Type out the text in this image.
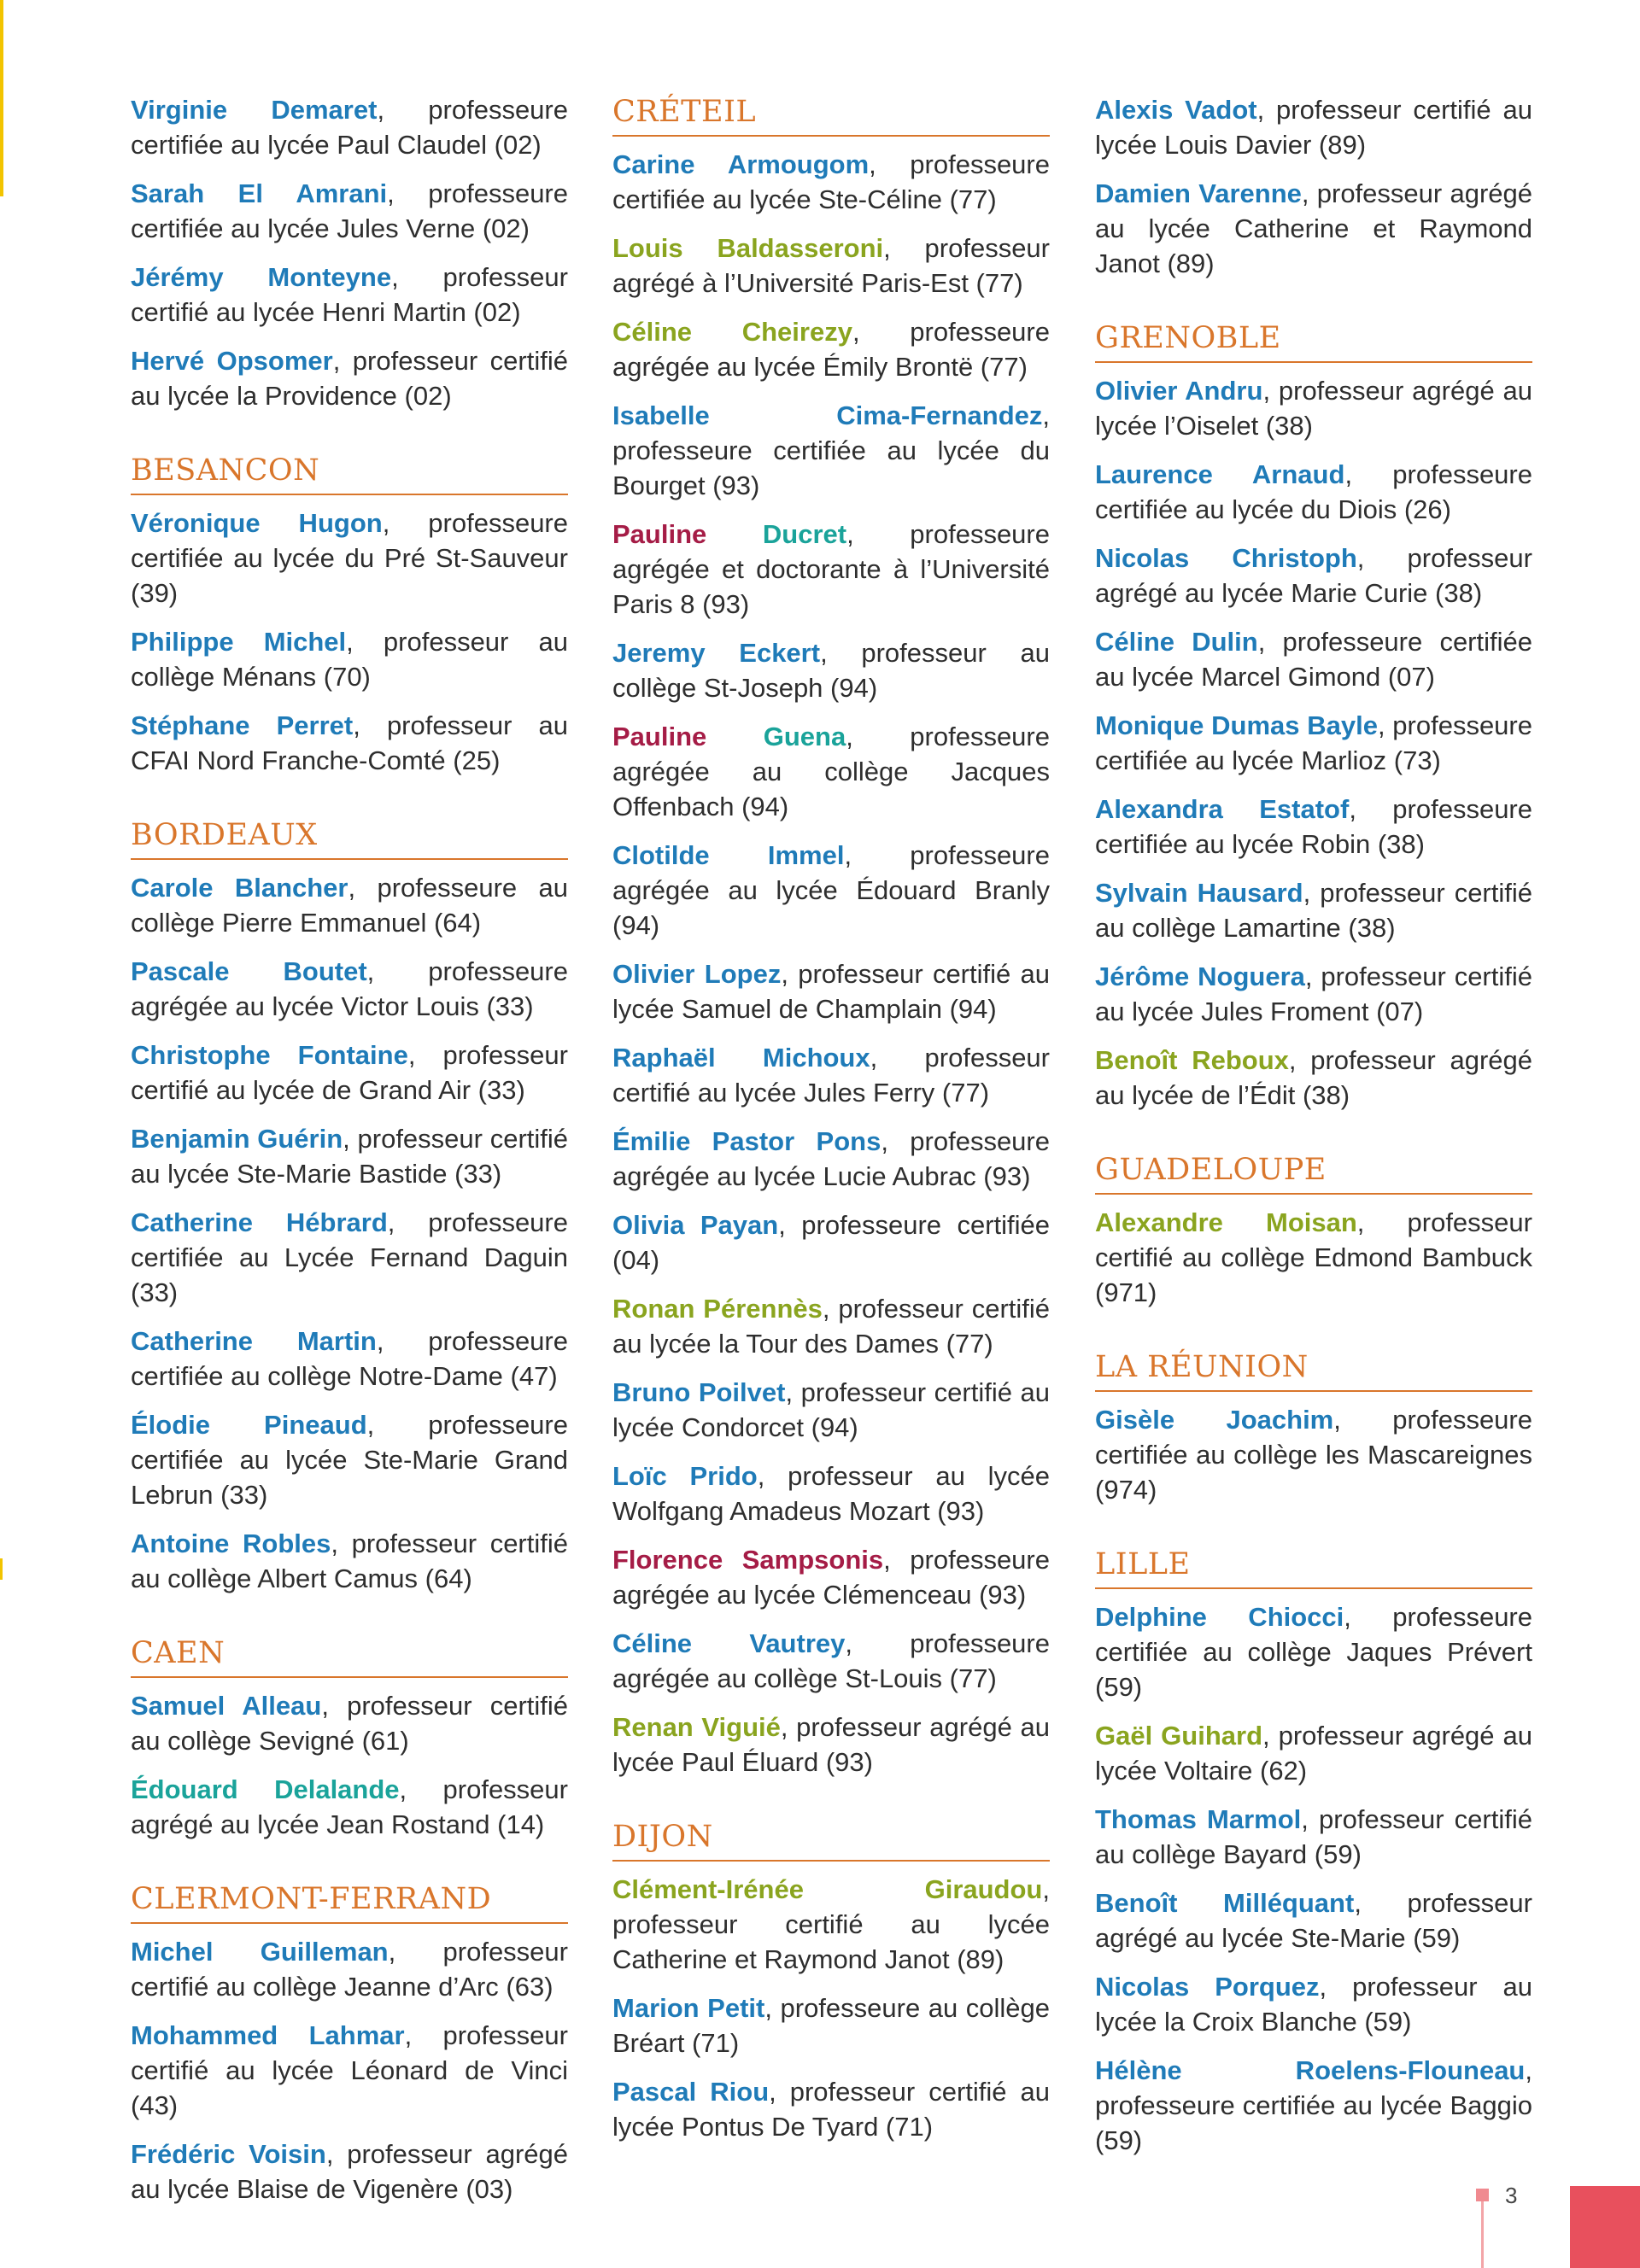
Virginie Demaret, professeure certifiée au lycée Paul Claudel (02)
Sarah El Amrani, professeure certifiée au lycée Jules Verne (02)
Jérémy Monteyne, professeur certifié au lycée Henri Martin (02)
Hervé Opsomer, professeur certifié au lycée la Providence (02)
BESANCON
Véronique Hugon, professeure certifiée au lycée du Pré St-Sauveur (39)
Philippe Michel, professeur au collège Ménans (70)
Stéphane Perret, professeur au CFAI Nord Franche-Comté (25)
BORDEAUX
Carole Blancher, professeure au collège Pierre Emmanuel (64)
Pascale Boutet, professeure agrégée au lycée Victor Louis (33)
Christophe Fontaine, professeur certifié au lycée de Grand Air (33)
Benjamin Guérin, professeur certifié au lycée Ste-Marie Bastide (33)
Catherine Hébrard, professeure certifiée au Lycée Fernand Daguin (33)
Catherine Martin, professeure certifiée au collège Notre-Dame (47)
Élodie Pineaud, professeure certifiée au lycée Ste-Marie Grand Lebrun (33)
Antoine Robles, professeur certifié au collège Albert Camus (64)
CAEN
Samuel Alleau, professeur certifié au collège Sevigné (61)
Édouard Delalande, professeur agrégé au lycée Jean Rostand (14)
CLERMONT-FERRAND
Michel Guilleman, professeur certifié au collège Jeanne d’Arc (63)
Mohammed Lahmar, professeur certifié au lycée Léonard de Vinci (43)
Frédéric Voisin, professeur agrégé au lycée Blaise de Vigenère (03)
CRÉTEIL
Carine Armougom, professeure certifiée au lycée Ste-Céline (77)
Louis Baldasseroni, professeur agrégé à l’Université Paris-Est (77)
Céline Cheirezy, professeure agrégée au lycée Émily Brontë (77)
Isabelle Cima-Fernandez, professeure certifiée au lycée du Bourget (93)
Pauline Ducret, professeure agrégée et doctorante à l’Université Paris 8 (93)
Jeremy Eckert, professeur au collège St-Joseph (94)
Pauline Guena, professeure agrégée au collège Jacques Offenbach (94)
Clotilde Immel, professeure agrégée au lycée Édouard Branly (94)
Olivier Lopez, professeur certifié au lycée Samuel de Champlain (94)
Raphaël Michoux, professeur certifié au lycée Jules Ferry (77)
Émilie Pastor Pons, professeure agrégée au lycée Lucie Aubrac (93)
Olivia Payan, professeure certifiée (04)
Ronan Pérennès, professeur certifié au lycée la Tour des Dames (77)
Bruno Poilvet, professeur certifié au lycée Condorcet (94)
Loïc Prido, professeur au lycée Wolfgang Amadeus Mozart (93)
Florence Sampsonis, professeure agrégée au lycée Clémenceau (93)
Céline Vautrey, professeure agrégée au collège St-Louis (77)
Renan Viguié, professeur agrégé au lycée Paul Éluard (93)
DIJON
Clément-Irénée Giraudou, professeur certifié au lycée Catherine et Raymond Janot (89)
Marion Petit, professeure au collège Bréart (71)
Pascal Riou, professeur certifié au lycée Pontus De Tyard (71)
Alexis Vadot, professeur certifié au lycée Louis Davier (89)
Damien Varenne, professeur agrégé au lycée Catherine et Raymond Janot (89)
GRENOBLE
Olivier Andru, professeur agrégé au lycée l’Oiselet (38)
Laurence Arnaud, professeure certifiée au lycée du Diois (26)
Nicolas Christoph, professeur agrégé au lycée Marie Curie (38)
Céline Dulin, professeure certifiée au lycée Marcel Gimond (07)
Monique Dumas Bayle, professeure certifiée au lycée Marlioz (73)
Alexandra Estatof, professeure certifiée au lycée Robin (38)
Sylvain Hausard, professeur certifié au collège Lamartine (38)
Jérôme Noguera, professeur certifié au lycée Jules Froment (07)
Benoît Reboux, professeur agrégé au lycée de l’Édit (38)
GUADELOUPE
Alexandre Moisan, professeur certifié au collège Edmond Bambuck (971)
LA RÉUNION
Gisèle Joachim, professeure certifiée au collège les Mascareignes (974)
LILLE
Delphine Chiocci, professeure certifiée au collège Jaques Prévert (59)
Gaël Guihard, professeur agrégé au lycée Voltaire (62)
Thomas Marmol, professeur certifié au collège Bayard (59)
Benoît Milléquant, professeur agrégé au lycée Ste-Marie (59)
Nicolas Porquez, professeur au lycée la Croix Blanche (59)
Hélène Roelens-Flouneau, professeure certifiée au lycée Baggio (59)
3
